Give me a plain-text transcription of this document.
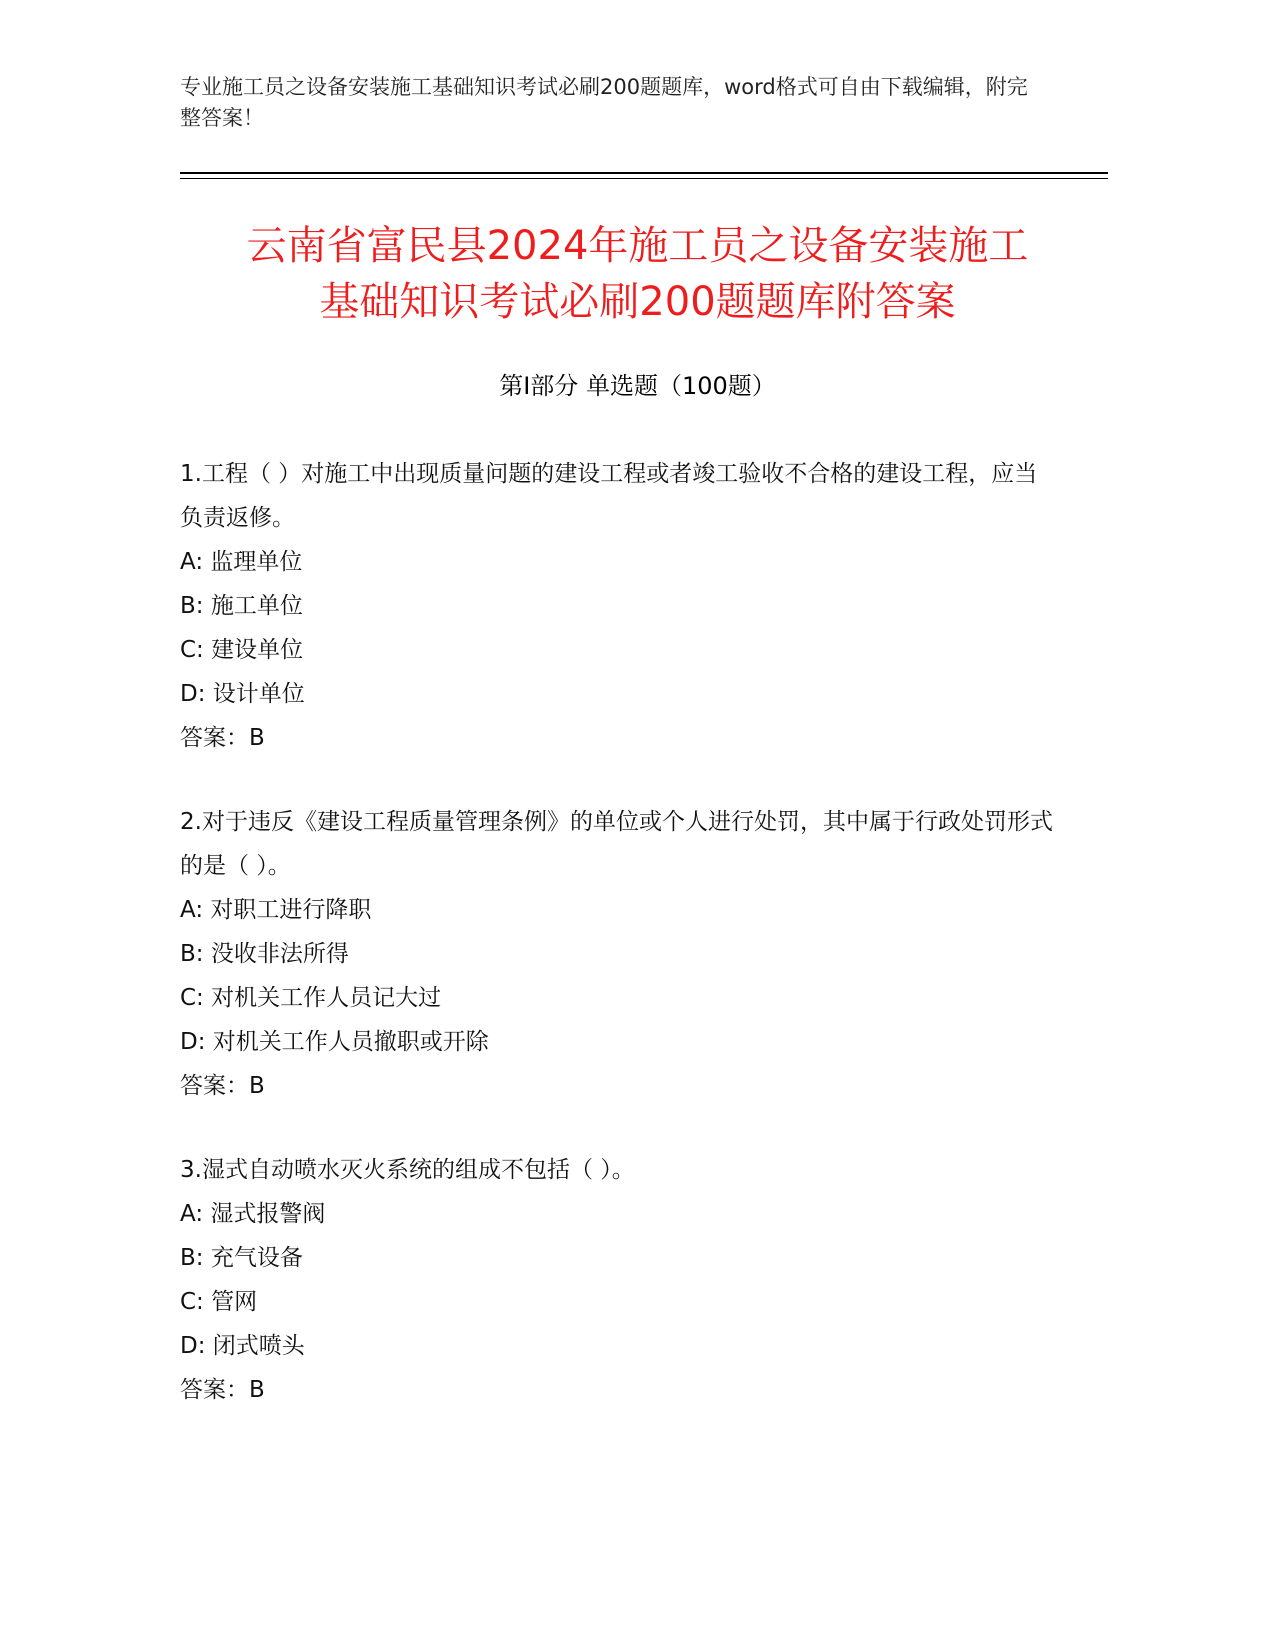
专业施工员之设备安装施工基础知识考试必刷200题题库，word格式可自由下载编辑，附完整答案！
云南省富民县2024年施工员之设备安装施工
基础知识考试必刷200题题库附答案
第Ⅰ部分 单选题（100题）

1.工程（ ）对施工中出现质量问题的建设工程或者竣工验收不合格的建设工程，应当负责返修。

A: 监理单位

B: 施工单位

C: 建设单位

D: 设计单位

答案：B

2.对于违反《建设工程质量管理条例》的单位或个人进行处罚，其中属于行政处罚形式的是（ ）。

A: 对职工进行降职

B: 没收非法所得

C: 对机关工作人员记大过

D: 对机关工作人员撤职或开除

答案：B

3.湿式自动喷水灭火系统的组成不包括（ ）。

A: 湿式报警阀

B: 充气设备

C: 管网

D: 闭式喷头

答案：B
